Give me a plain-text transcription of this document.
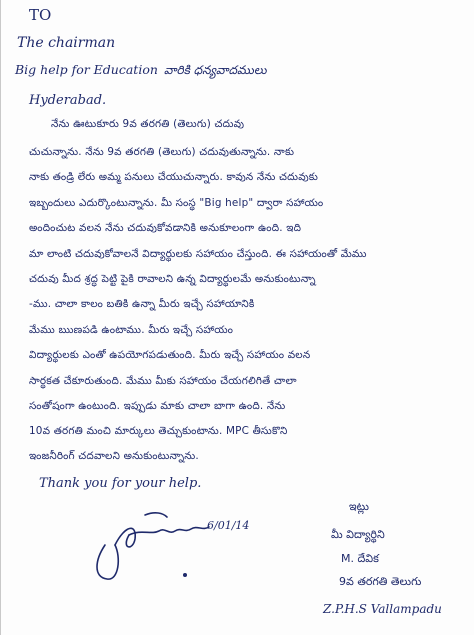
TO
The chairman
Big help for Education వారికి ధన్యవాదములు
Hyderabad.
నేను ఊటుకూరు 9వ తరగతి (తెలుగు) చదువు
చుచున్నాను. నేను 9వ తరగతి (తెలుగు) చదువుతున్నాను. నాకు
నాకు తండ్రి లేరు అమ్మ పనులు చేయుచున్నారు. కావున నేను చదువుకు
ఇబ్బందులు ఎదుర్కొంటున్నాను. మీ సంస్థ "Big help" ద్వారా సహాయం
అందించుట వలన నేను చదువుకోవడానికి అనుకూలంగా ఉంది. ఇది
మా లాంటి చదువుకోవాలనే విద్యార్థులకు సహాయం చేస్తుంది. ఈ సహాయంతో మేము
చదువు మీద శ్రద్ధ పెట్టి పైకి రావాలని ఉన్న విద్యార్థులమే అనుకుంటున్నా
-ము. చాలా కాలం బతికి ఉన్నా మీరు ఇచ్చే సహాయానికి
మేము ఋణపడి ఉంటాము. మీరు ఇచ్చే సహాయం
విద్యార్థులకు ఎంతో ఉపయోగపడుతుంది. మీరు ఇచ్చే సహాయం వలన
సార్థకత చేకూరుతుంది. మేము మీకు సహాయం చేయగలిగితే చాలా
సంతోషంగా ఉంటుంది. ఇప్పుడు మాకు చాలా బాగా ఉంది. నేను
10వ తరగతి మంచి మార్కులు తెచ్చుకుంటాను. MPC తీసుకొని
ఇంజనీరింగ్ చదవాలని అనుకుంటున్నాను.
Thank you for your help.
6/01/14
ఇట్లు
మీ విద్యార్థిని
M. దేవిక
9వ తరగతి తెలుగు
Z.P.H.S Vallampadu
